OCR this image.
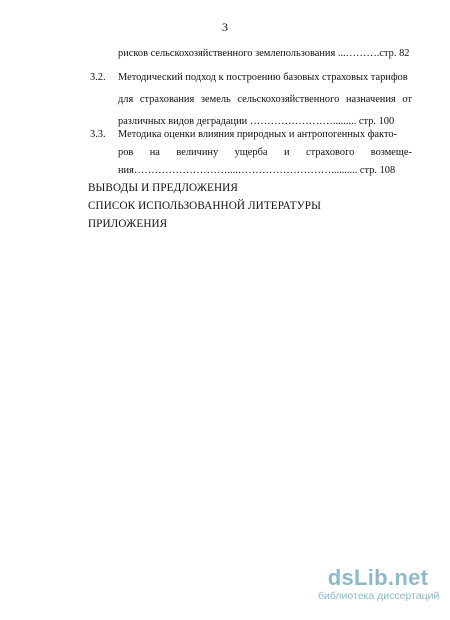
3
рисков сельскохозяйственного землепользования ...……….стр. 82
3.2. Методический подход к построению базовых страховых тарифов
для страхования земель сельскохозяйственного назначения от
различных видов деградации ……………………......... стр. 100
3.3. Методика оценки влияния природных и антропогенных факто-
ров на величину ущерба и страхового возмеще-
ния………………………....……………………….......... стр. 108
ВЫВОДЫ И ПРЕДЛОЖЕНИЯ
СПИСОК ИСПОЛЬЗОВАННОЙ ЛИТЕРАТУРЫ
ПРИЛОЖЕНИЯ
dsLib.net
библиотека диссертаций
